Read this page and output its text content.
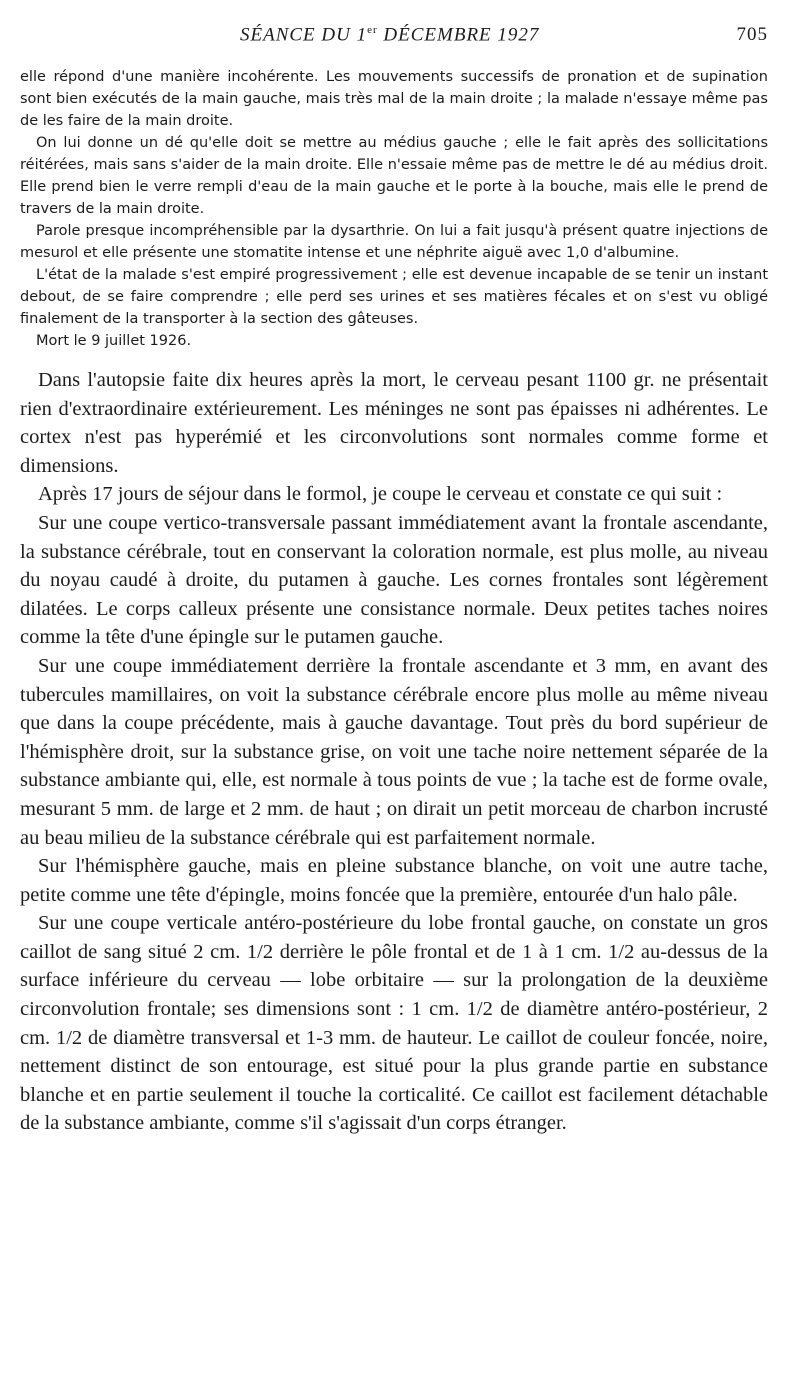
SÉANCE DU 1er DÉCEMBRE 1927	705

elle répond d'une manière incohérente. Les mouvements successifs de pronation et de supination sont bien exécutés de la main gauche, mais très mal de la main droite ; la malade n'essaye même pas de les faire de la main droite.

On lui donne un dé qu'elle doit se mettre au médius gauche ; elle le fait après des sollicitations réitérées, mais sans s'aider de la main droite. Elle n'essaie même pas de mettre le dé au médius droit. Elle prend bien le verre rempli d'eau de la main gauche et le porte à la bouche, mais elle le prend de travers de la main droite.

Parole presque incompréhensible par la dysarthrie. On lui a fait jusqu'à présent quatre injections de mesurol et elle présente une stomatite intense et une néphrite aiguë avec 1,0 d'albumine.

L'état de la malade s'est empiré progressivement ; elle est devenue incapable de se tenir un instant debout, de se faire comprendre ; elle perd ses urines et ses matières fécales et on s'est vu obligé finalement de la transporter à la section des gâteuses.

Mort le 9 juillet 1926.

Dans l'autopsie faite dix heures après la mort, le cerveau pesant 1100 gr. ne présentait rien d'extraordinaire extérieurement. Les méninges ne sont pas épaisses ni adhérentes. Le cortex n'est pas hyperémié et les circonvolutions sont normales comme forme et dimensions.

Après 17 jours de séjour dans le formol, je coupe le cerveau et constate ce qui suit :

Sur une coupe vertico-transversale passant immédiatement avant la frontale ascendante, la substance cérébrale, tout en conservant la coloration normale, est plus molle, au niveau du noyau caudé à droite, du putamen à gauche. Les cornes frontales sont légèrement dilatées. Le corps calleux présente une consistance normale. Deux petites taches noires comme la tête d'une épingle sur le putamen gauche.

Sur une coupe immédiatement derrière la frontale ascendante et 3 mm, en avant des tubercules mamillaires, on voit la substance cérébrale encore plus molle au même niveau que dans la coupe précédente, mais à gauche davantage. Tout près du bord supérieur de l'hémisphère droit, sur la substance grise, on voit une tache noire nettement séparée de la substance ambiante qui, elle, est normale à tous points de vue ; la tache est de forme ovale, mesurant 5 mm. de large et 2 mm. de haut ; on dirait un petit morceau de charbon incrusté au beau milieu de la substance cérébrale qui est parfaitement normale.

Sur l'hémisphère gauche, mais en pleine substance blanche, on voit une autre tache, petite comme une tête d'épingle, moins foncée que la première, entourée d'un halo pâle.

Sur une coupe verticale antéro-postérieure du lobe frontal gauche, on constate un gros caillot de sang situé 2 cm. 1/2 derrière le pôle frontal et de 1 à 1 cm. 1/2 au-dessus de la surface inférieure du cerveau — lobe orbitaire — sur la prolongation de la deuxième circonvolution frontale; ses dimensions sont : 1 cm. 1/2 de diamètre antéro-postérieur, 2 cm. 1/2 de diamètre transversal et 1-3 mm. de hauteur. Le caillot de couleur foncée, noire, nettement distinct de son entourage, est situé pour la plus grande partie en substance blanche et en partie seulement il touche la corticalité. Ce caillot est facilement détachable de la substance ambiante, comme s'il s'agissait d'un corps étranger.
